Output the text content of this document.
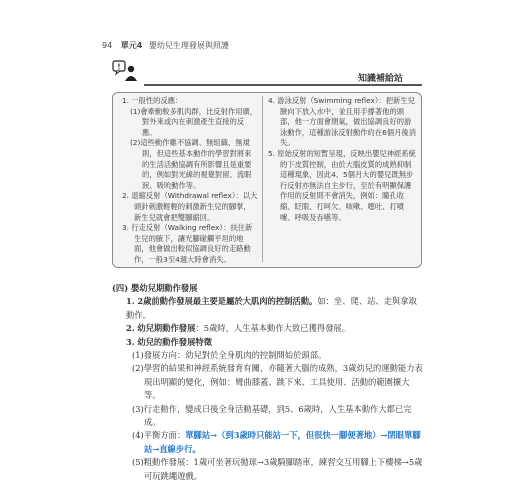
94 單元4 嬰幼兒生理發展與照護
!
知識補給站

1. 一般性的反應：

(1)會牽動較多肌肉群，比反射作用廣，對外來或內在刺激產生直接的反應。

(2)這些動作雖不協調、無組織、無規則，但這些基本動作的學習對將來的生活活動協調有所影響且是重要的，例如對光線的視覺對留、流眼淚、吸吮動作等。

2. 退縮反射（Withdrawal reflex）：以大頭針刺激輕輕的刺激新生兒的腳掌，新生兒就會把雙腳縮回。

3. 行走反射（Walking reflex）：扶住新生兒的腋下，讓光腳碰觸平坦的地面，他會做出較似協調良好的走路動作，一般3至4週大時會消失。

4. 游泳反射（Swimming reflex）：把新生兒臉向下放入水中，並且用手撐著他的頭部，他一方面會閉氣，做出協調良好的游泳動作，這種游泳反射動作約在6個月後消失。

5. 原始反射的短暫呈現，反映出嬰兒神經系統的下皮質控制，由於大腦皮質的成熟抑制這種現象，因此4、5個月大的嬰兒既無步行反射亦無法自主步行，至於有明顯保護作用的反射則不會消失，例如：瞳孔收縮、眨眼、打呵欠、咳嗽、噁吐、打噴嚏、呼吸及吞嚥等。

(四) 嬰幼兒期動作發展

1. 2歲前動作發展最主要是屬於大肌肉的控制活動。如：坐、爬、站、走與拿取動作。

2. 幼兒期動作發展：5歲時，人生基本動作大致已獲得發展。

3. 幼兒的動作發展特徵

(1)發展方向：幼兒對於全身肌肉的控制開始於頭部。

(2)學習的結果和神經系統發育有關，亦隨著大腦的成熟，3歲幼兒的運動能力表現出明顯的變化，例如：彎曲膝蓋、跳下來、工具使用、活動的範圍擴大等。

(3)行走動作，變成日後全身活動基礎，到5、6歲時，人生基本動作大都已完成。

(4)平衡方面：單腳站→（到3歲時只能站一下，但很快一腳便著地）→閉眼單腳站→直線步行。

(5)粗動作發展：1歲可坐著玩拋球→3歲騎腳踏車，練習交互用腳上下樓梯→5歲可玩跳繩遊戲。
